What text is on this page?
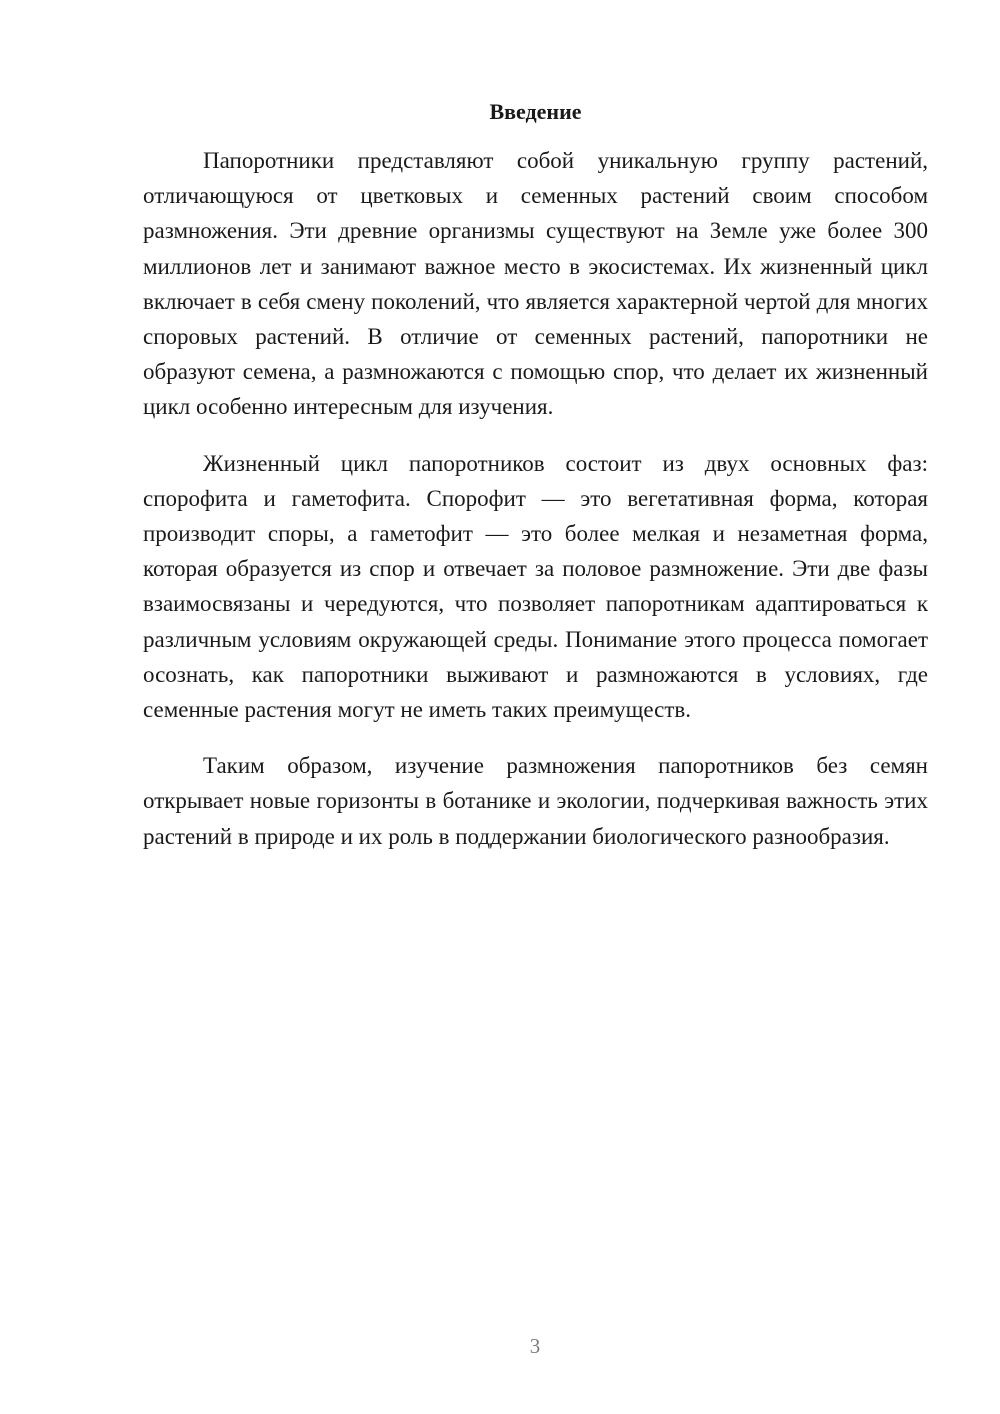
Введение

Папоротники представляют собой уникальную группу растений, отличающуюся от цветковых и семенных растений своим способом размножения. Эти древние организмы существуют на Земле уже более 300 миллионов лет и занимают важное место в экосистемах. Их жизненный цикл включает в себя смену поколений, что является характерной чертой для многих споровых растений. В отличие от семенных растений, папоротники не образуют семена, а размножаются с помощью спор, что делает их жизненный цикл особенно интересным для изучения.

Жизненный цикл папоротников состоит из двух основных фаз: спорофита и гаметофита. Спорофит — это вегетативная форма, которая производит споры, а гаметофит — это более мелкая и незаметная форма, которая образуется из спор и отвечает за половое размножение. Эти две фазы взаимосвязаны и чередуются, что позволяет папоротникам адаптироваться к различным условиям окружающей среды. Понимание этого процесса помогает осознать, как папоротники выживают и размножаются в условиях, где семенные растения могут не иметь таких преимуществ.

Таким образом, изучение размножения папоротников без семян открывает новые горизонты в ботанике и экологии, подчеркивая важность этих растений в природе и их роль в поддержании биологического разнообразия.

3
